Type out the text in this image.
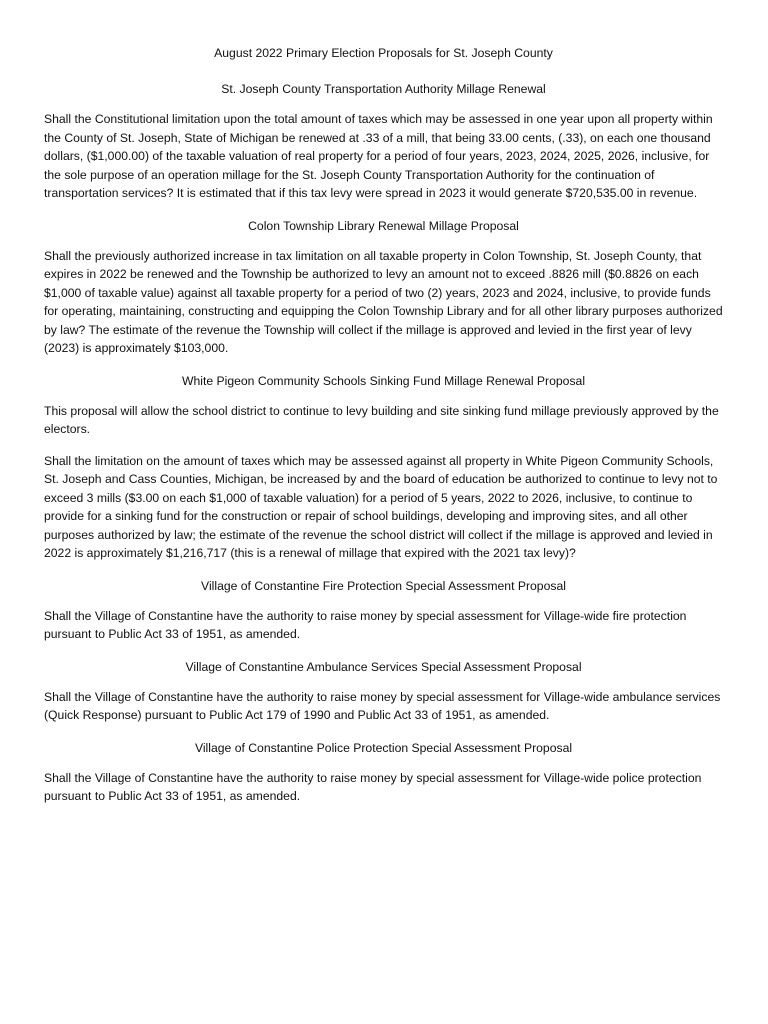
August 2022 Primary Election Proposals for St. Joseph County
St. Joseph County Transportation Authority Millage Renewal

Shall the Constitutional limitation upon the total amount of taxes which may be assessed in one year upon all property within the County of St. Joseph, State of Michigan be renewed at .33 of a mill, that being 33.00 cents, (.33), on each one thousand dollars, ($1,000.00) of the taxable valuation of real property for a period of four years, 2023, 2024, 2025, 2026, inclusive, for the sole purpose of an operation millage for the St. Joseph County Transportation Authority for the continuation of transportation services? It is estimated that if this tax levy were spread in 2023 it would generate $720,535.00 in revenue.

Colon Township Library Renewal Millage Proposal

Shall the previously authorized increase in tax limitation on all taxable property in Colon Township, St. Joseph County, that expires in 2022 be renewed and the Township be authorized to levy an amount not to exceed .8826 mill ($0.8826 on each $1,000 of taxable value) against all taxable property for a period of two (2) years, 2023 and 2024, inclusive, to provide funds for operating, maintaining, constructing and equipping the Colon Township Library and for all other library purposes authorized by law? The estimate of the revenue the Township will collect if the millage is approved and levied in the first year of levy (2023) is approximately $103,000.

White Pigeon Community Schools Sinking Fund Millage Renewal Proposal

This proposal will allow the school district to continue to levy building and site sinking fund millage previously approved by the electors.

Shall the limitation on the amount of taxes which may be assessed against all property in White Pigeon Community Schools, St. Joseph and Cass Counties, Michigan, be increased by and the board of education be authorized to continue to levy not to exceed 3 mills ($3.00 on each $1,000 of taxable valuation) for a period of 5 years, 2022 to 2026, inclusive, to continue to provide for a sinking fund for the construction or repair of school buildings, developing and improving sites, and all other purposes authorized by law; the estimate of the revenue the school district will collect if the millage is approved and levied in 2022 is approximately $1,216,717 (this is a renewal of millage that expired with the 2021 tax levy)?

Village of Constantine Fire Protection Special Assessment Proposal

Shall the Village of Constantine have the authority to raise money by special assessment for Village-wide fire protection pursuant to Public Act 33 of 1951, as amended.

Village of Constantine Ambulance Services Special Assessment Proposal

Shall the Village of Constantine have the authority to raise money by special assessment for Village-wide ambulance services (Quick Response) pursuant to Public Act 179 of 1990 and Public Act 33 of 1951, as amended.

Village of Constantine Police Protection Special Assessment Proposal

Shall the Village of Constantine have the authority to raise money by special assessment for Village-wide police protection pursuant to Public Act 33 of 1951, as amended.
